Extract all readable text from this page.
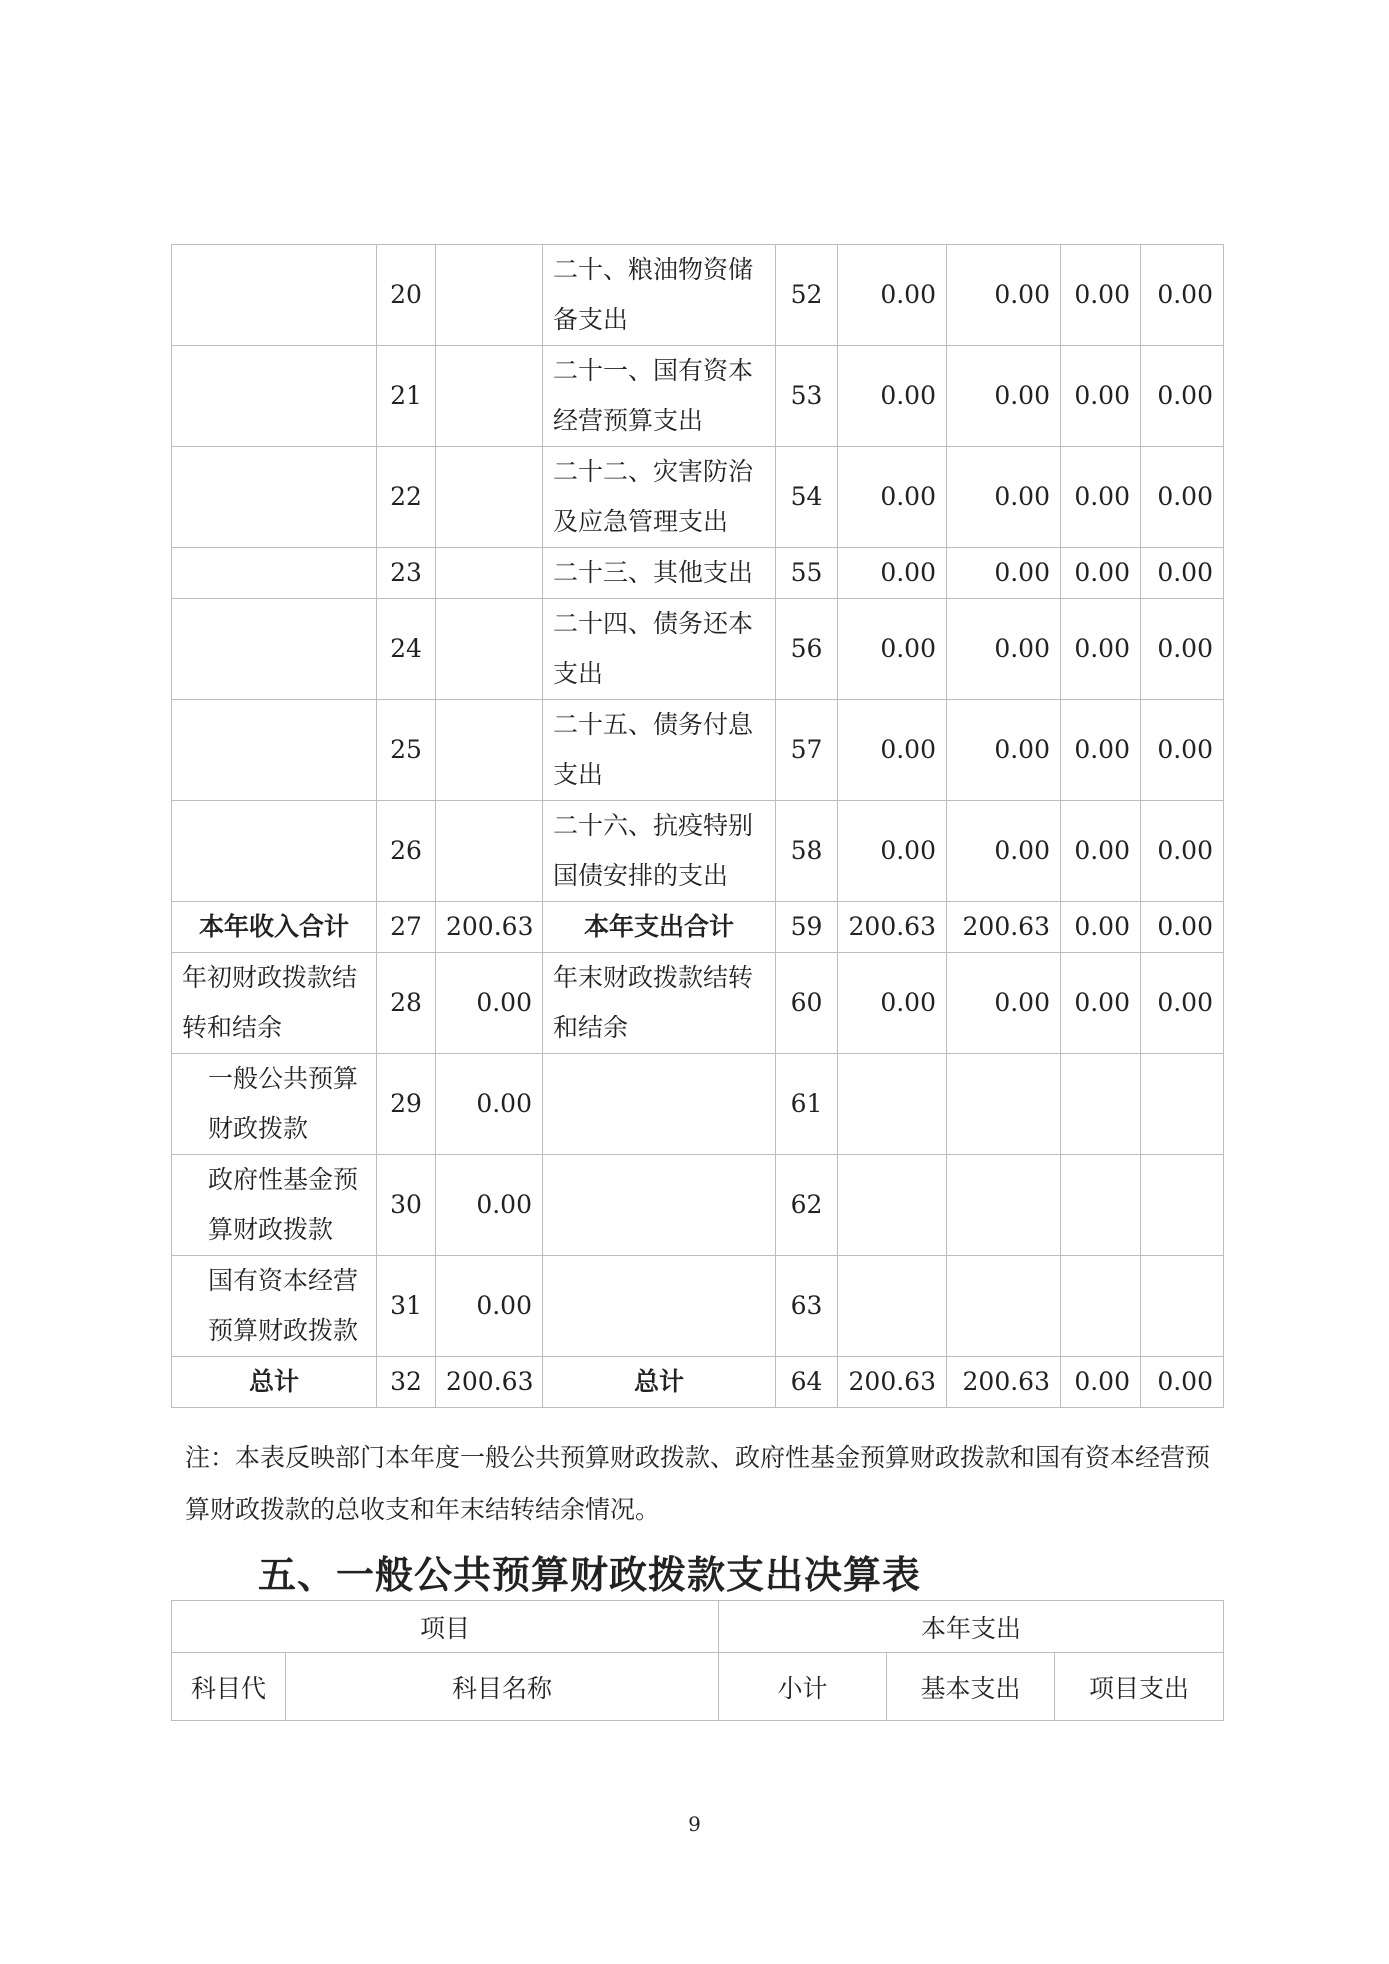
	20		二十、粮油物资储备支出	52	0.00	0.00	0.00	0.00
	21		二十一、国有资本经营预算支出	53	0.00	0.00	0.00	0.00
	22		二十二、灾害防治及应急管理支出	54	0.00	0.00	0.00	0.00
	23		二十三、其他支出	55	0.00	0.00	0.00	0.00
	24		二十四、债务还本支出	56	0.00	0.00	0.00	0.00
	25		二十五、债务付息支出	57	0.00	0.00	0.00	0.00
	26		二十六、抗疫特别国债安排的支出	58	0.00	0.00	0.00	0.00
本年收入合计	27	200.63	本年支出合计	59	200.63	200.63	0.00	0.00
年初财政拨款结转和结余	28	0.00	年末财政拨款结转和结余	60	0.00	0.00	0.00	0.00
一般公共预算财政拨款	29	0.00		61				
政府性基金预算财政拨款	30	0.00		62				
国有资本经营预算财政拨款	31	0.00		63				
总计	32	200.63	总计	64	200.63	200.63	0.00	0.00
注：本表反映部门本年度一般公共预算财政拨款、政府性基金预算财政拨款和国有资本经营预算财政拨款的总收支和年末结转结余情况。
五、一般公共预算财政拨款支出决算表
项目		本年支出		
科目代	科目名称	小计	基本支出	项目支出
9
